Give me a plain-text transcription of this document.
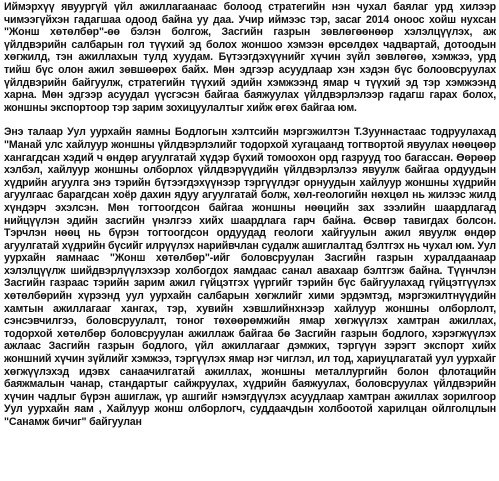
Иймэрхүү явуургүй үйл ажиллагаанаас болоод стратегийн нэн чухал баялаг урд хилээр чимээгүйхэн гадагшаа одоод байна уу даа. Учир иймээс тэр, засаг 2014 оноос хойш нухсан "Жонш хөтөлбөр"-өө бэлэн болгож, Засгийн газрын зөвлөгөөнөөр хэлэлцүүлэх, аж үйлдвэрийн салбарын гол түүхий эд болох жоншоо хэмээн өрсөлдөх чадвартай, дотоодын хөгжилд, тэн ажиллахын тулд хуудам. Бүтээгдэхүүнийг хүчин зүйл зөвлөгөө, хэмжээ, урд тийш бүс олон ажил зөвшөөрөх байх. Мөн эдгээр асуудлаар хэн хэдэн бүс болоовсруулах үйлдвэрийн байгуулж, стратегийн түүхий эдийн хэмжээнд ямар ч түүхий эд тэр хэмжээнд харна. Мөн эдгээр асуудал үүсгэсэн байгаа баяжуулах үйлдвэрлэлээр гадагш гарах болох, жоншны экспортоор тэр зарим зохицуулалтыг хийж өгөх байгаа юм.

Энэ талаар Уул уурхайн яамны Бодлогын хэлтсийн мэргэжилтэн Т.Зууннастаас тодруулахад "Манай улс хайлуур жоншны үйлдвэрлэлийг тодорхой хугацаанд тогтвортой явуулах нөөцөөр хангагдсан хэдий ч өндөр агуулгатай хүдэр бүхий томоохон орд газрууд тоо багассан. Өөрөөр хэлбэл, хайлуур жоншны олборлох үйлдвэрүүдийн үйлдвэрлэлээ явуулж байгаа ордуудын хүдрийн агуулга энэ тэрийн бүтээгдэхүүнээр тэргүүлдэг орнуудын хайлуур жоншны хүдрийн агуулгаас барагдсан хоёр дахин ядуу агуулгатай болж, хөл-геологийн нөхцөл нь жилээс жилд хүндэрч эхэлсэн. Мөн тогтоогдсон байгаа жоншны нөөцийн зах зээлийн шаардлагад нийцүүлэн эдийн засгийн үнэлгээ хийх шаардлага гарч байна. Өсвөр тавигдах болсон. Тэрчлэн нөөц нь бүрэн тогтоогдсон ордуудад геологи хайгуулын ажил явуулж өндөр агуулгатай хүдрийн бүсийг илрүүлэх нарийвчлан судалж ашиглалтад бэлтгэх нь чухал юм. Уул уурхайн яамнаас "Жонш хөтөлбөр"-ийг боловсруулан Засгийн газрын хуралдаанаар хэлэлцүүлж шийдвэрлүүлэхээр холбогдох яамдаас санал авахаар бэлтгэж байна. Түүнчлэн Засгийн газраас тэрийн зарим ажил гүйцэтгэх үүргийг тэрийн бүс байгуулахад гүйцэтгүүлэх хөтөлбөрийн хүрээнд уул уурхайн салбарын хөгжлийг хими эрдэмтэд, мэргэжилтнүүдийн хамтын ажиллагааг хангах, тэр, хувийн хэвшлийнхнээр хайлуур жоншны олборлолт, сэнсэвчилгээ, боловсруулалт, тоног төхөөрөмжийн ямар хөгжүүлэх хамтран ажиллах, тодорхой хөтөлбөр боловсруулан ажиллаж байгаа бө Засгийн газрын бодлого, хэрэгжүүлэх ажлаас Засгийн газрын бодлого, үйл ажиллагааг дэмжих, тэргүүн зэрэгт экспорт хийх жоншний хүчин зүйлийг хэмжээ, тэргүүлэх ямар нэг чиглэл, ил тод, хариуцлагатай уул уурхайг хөгжүүлэхэд идэвх санаачилгатай ажиллах, жоншны металлургийн болон флотацийн баяжмалын чанар, стандартыг сайжруулах, хүдрийн баяжуулах, боловсруулах үйлдвэрийн хүчин чадлыг бүрэн ашиглаж, үр ашгийг нэмэгдүүлэх асуудлаар хамтран ажиллах зорилгоор Уул уурхайн яам , Хайлуур жонш олборлогч, суддаачдын холбоотой харилцан ойлголцлын "Санамж бичиг" байгуулан
